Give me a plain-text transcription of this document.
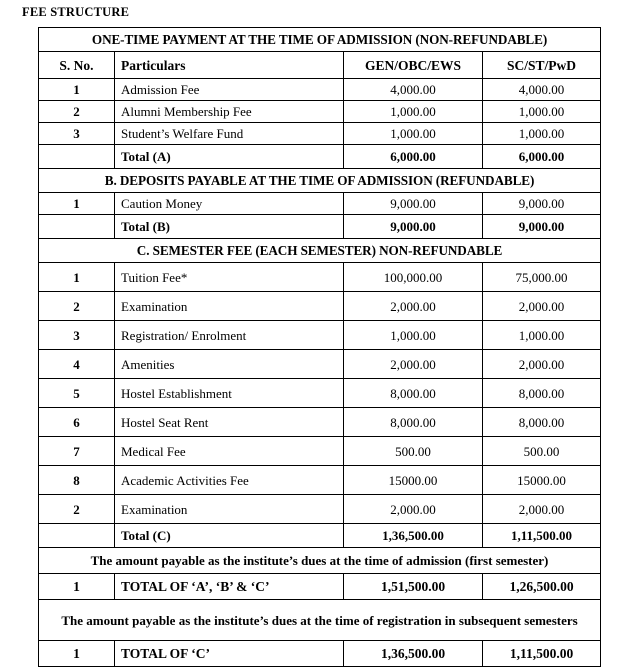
FEE STRUCTURE
ONE-TIME PAYMENT AT THE TIME OF ADMISSION (NON-REFUNDABLE)			
S. No.	Particulars	GEN/OBC/EWS	SC/ST/PwD
1	Admission Fee	4,000.00	4,000.00
2	Alumni Membership Fee	1,000.00	1,000.00
3	Student’s Welfare Fund	1,000.00	1,000.00
	Total (A)	6,000.00	6,000.00
B. DEPOSITS PAYABLE AT THE TIME OF ADMISSION (REFUNDABLE)			
1	Caution Money	9,000.00	9,000.00
	Total (B)	9,000.00	9,000.00
C. SEMESTER FEE (EACH SEMESTER) NON-REFUNDABLE			
1	Tuition Fee*	100,000.00	75,000.00
2	Examination	2,000.00	2,000.00
3	Registration/ Enrolment	1,000.00	1,000.00
4	Amenities	2,000.00	2,000.00
5	Hostel Establishment	8,000.00	8,000.00
6	Hostel Seat Rent	8,000.00	8,000.00
7	Medical Fee	500.00	500.00
8	Academic Activities Fee	15000.00	15000.00
2	Examination	2,000.00	2,000.00
	Total (C)	1,36,500.00	1,11,500.00
The amount payable as the institute’s dues at the time of admission (first semester)			
1	TOTAL OF ‘A’, ‘B’ & ‘C’	1,51,500.00	1,26,500.00
The amount payable as the institute’s dues at the time of registration in subsequent semesters			
1	TOTAL OF ‘C’	1,36,500.00	1,11,500.00
